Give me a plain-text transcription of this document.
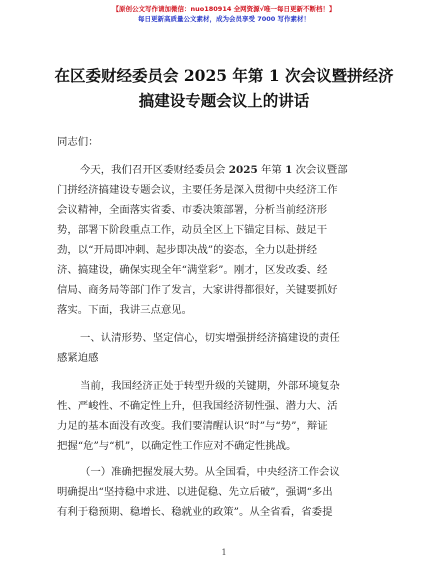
【原创公文写作请加微信：nuo180914 全网资源√唯一每日更新不断档！】
每日更新高质量公文素材，成为会员享受 7000 写作素材！
在区委财经委员会 2025 年第 1 次会议暨拼经济
搞建设专题会议上的讲话
同志们：
今天，我们召开区委财经委员会 2025 年第 1 次会议暨部
门拼经济搞建设专题会议，主要任务是深入贯彻中央经济工作
会议精神，全面落实省委、市委决策部署，分析当前经济形
势，部署下阶段重点工作，动员全区上下锚定目标、鼓足干
劲，以“开局即冲刺、起步即决战”的姿态，全力以赴拼经
济、搞建设，确保实现全年“满堂彩”。刚才，区发改委、经
信局、商务局等部门作了发言，大家讲得都很好，关键要抓好
落实。下面，我讲三点意见。
一、认清形势、坚定信心，切实增强拼经济搞建设的责任
感紧迫感
当前，我国经济正处于转型升级的关键期，外部环境复杂
性、严峻性、不确定性上升，但我国经济韧性强、潜力大、活
力足的基本面没有改变。我们要清醒认识“时”与“势”，辩证
把握“危”与“机”，以确定性工作应对不确定性挑战。
（一）准确把握发展大势。从全国看，中央经济工作会议
明确提出“坚持稳中求进、以进促稳、先立后破”，强调“多出
有利于稳预期、稳增长、稳就业的政策”。从全省看，省委提
1
